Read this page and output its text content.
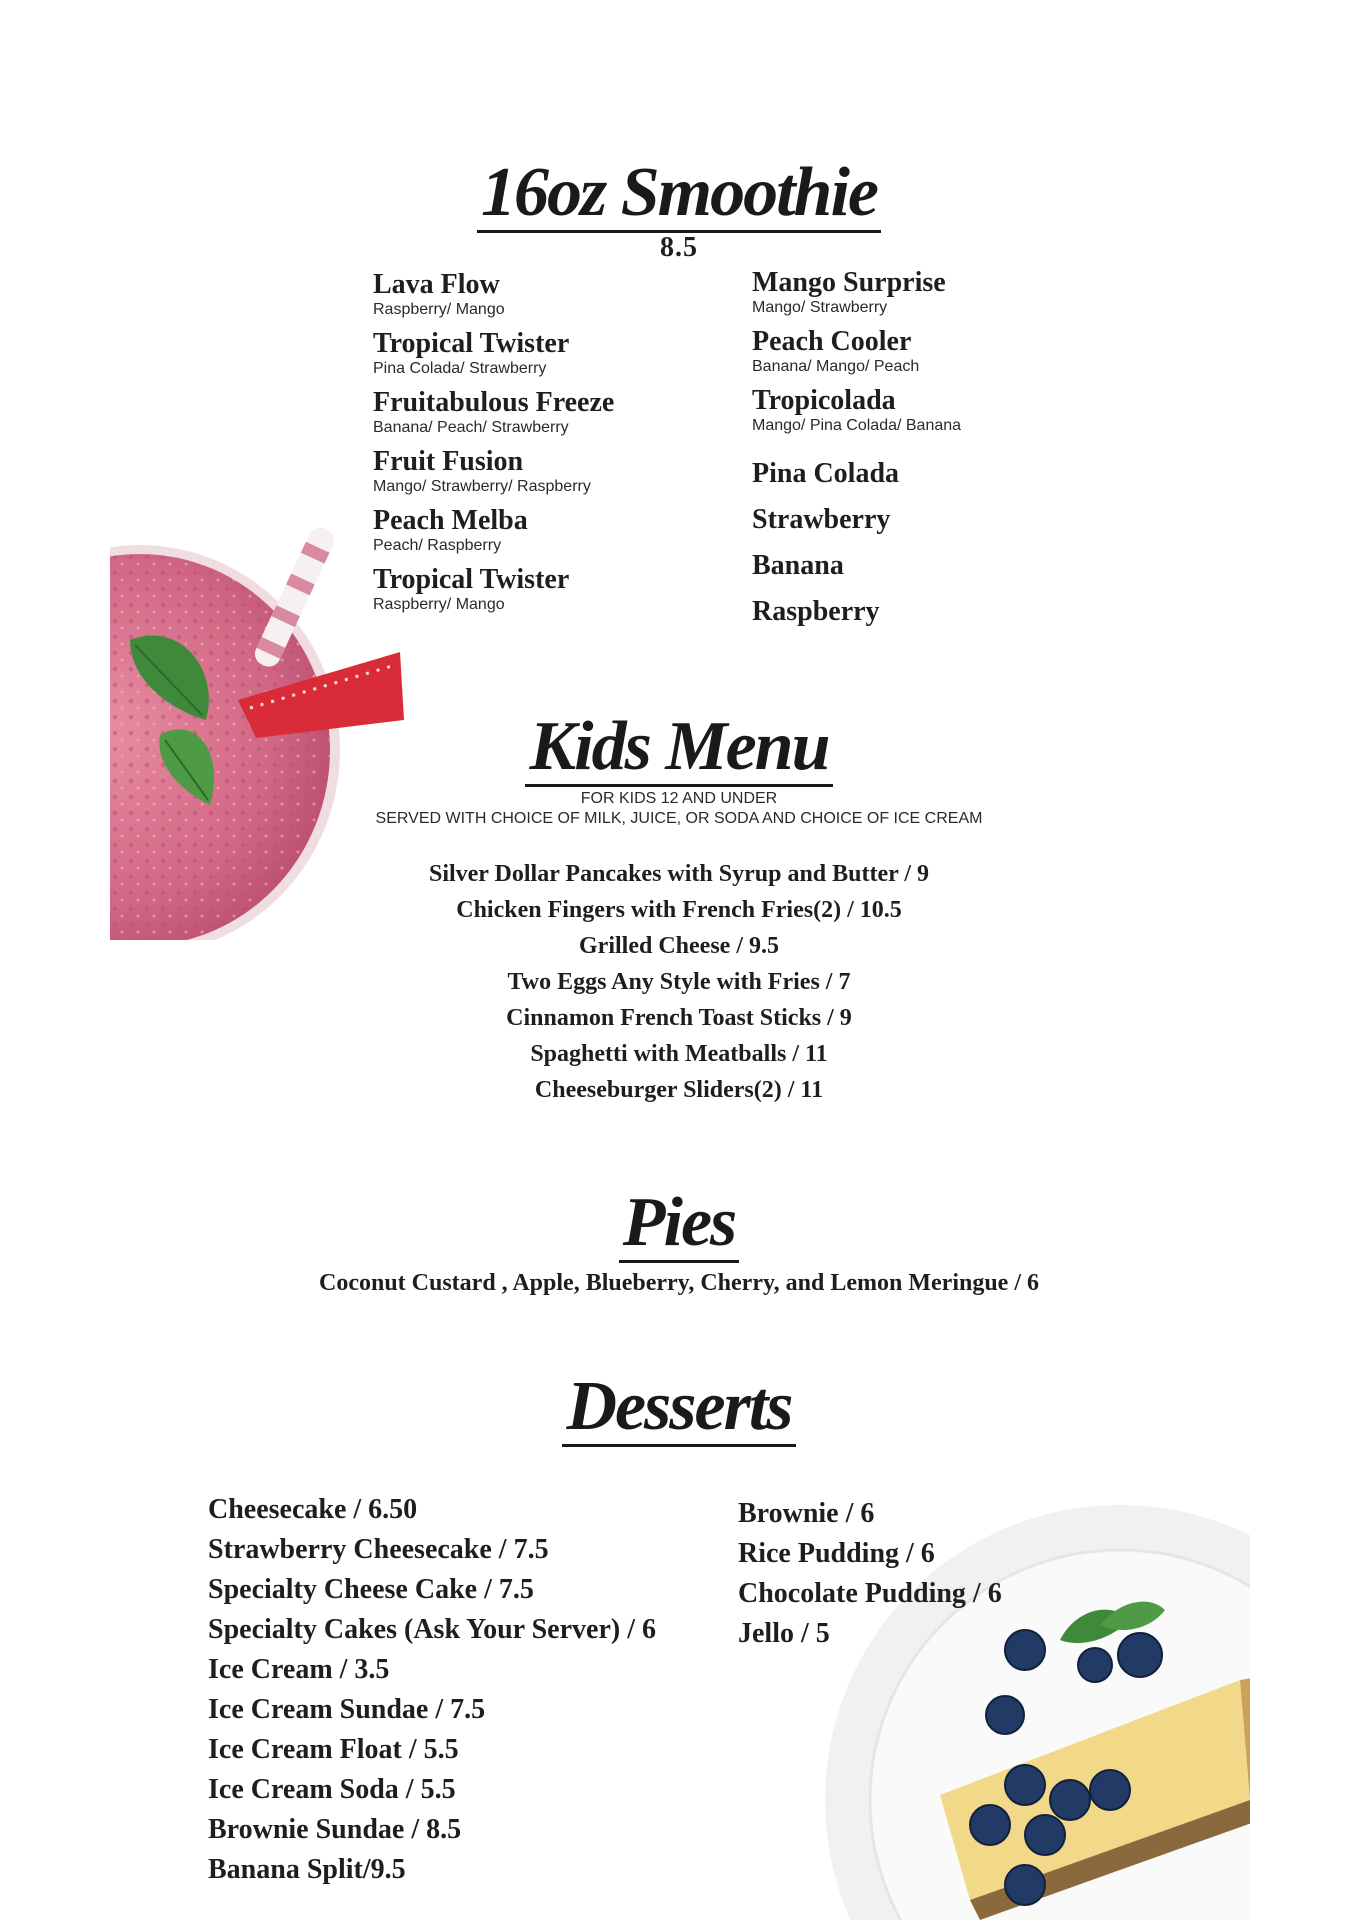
16oz Smoothie
8.5
Lava Flow
Raspberry/ Mango
Tropical Twister
Pina Colada/ Strawberry
Fruitabulous Freeze
Banana/ Peach/ Strawberry
Fruit Fusion
Mango/ Strawberry/ Raspberry
Peach Melba
Peach/ Raspberry
Tropical Twister
Raspberry/ Mango
Mango Surprise
Mango/ Strawberry
Peach Cooler
Banana/ Mango/ Peach
Tropicolada
Mango/ Pina Colada/ Banana
Pina Colada
Strawberry
Banana
Raspberry
Kids Menu
FOR KIDS 12 AND UNDER
SERVED WITH CHOICE OF MILK, JUICE, OR SODA AND CHOICE OF ICE CREAM
Silver Dollar Pancakes with Syrup and Butter / 9
Chicken Fingers with French Fries(2) / 10.5
Grilled Cheese / 9.5
Two Eggs Any Style with Fries / 7
Cinnamon French Toast Sticks / 9
Spaghetti with Meatballs / 11
Cheeseburger Sliders(2) / 11
Pies
Coconut Custard , Apple, Blueberry, Cherry, and Lemon Meringue / 6
Desserts
Cheesecake / 6.50
Strawberry Cheesecake / 7.5
Specialty Cheese Cake / 7.5
Specialty Cakes (Ask Your Server) / 6
Ice Cream / 3.5
Ice Cream Sundae / 7.5
Ice Cream Float / 5.5
Ice Cream Soda / 5.5
Brownie Sundae / 8.5
Banana Split/9.5
Brownie / 6
Rice Pudding / 6
Chocolate Pudding / 6
Jello / 5
